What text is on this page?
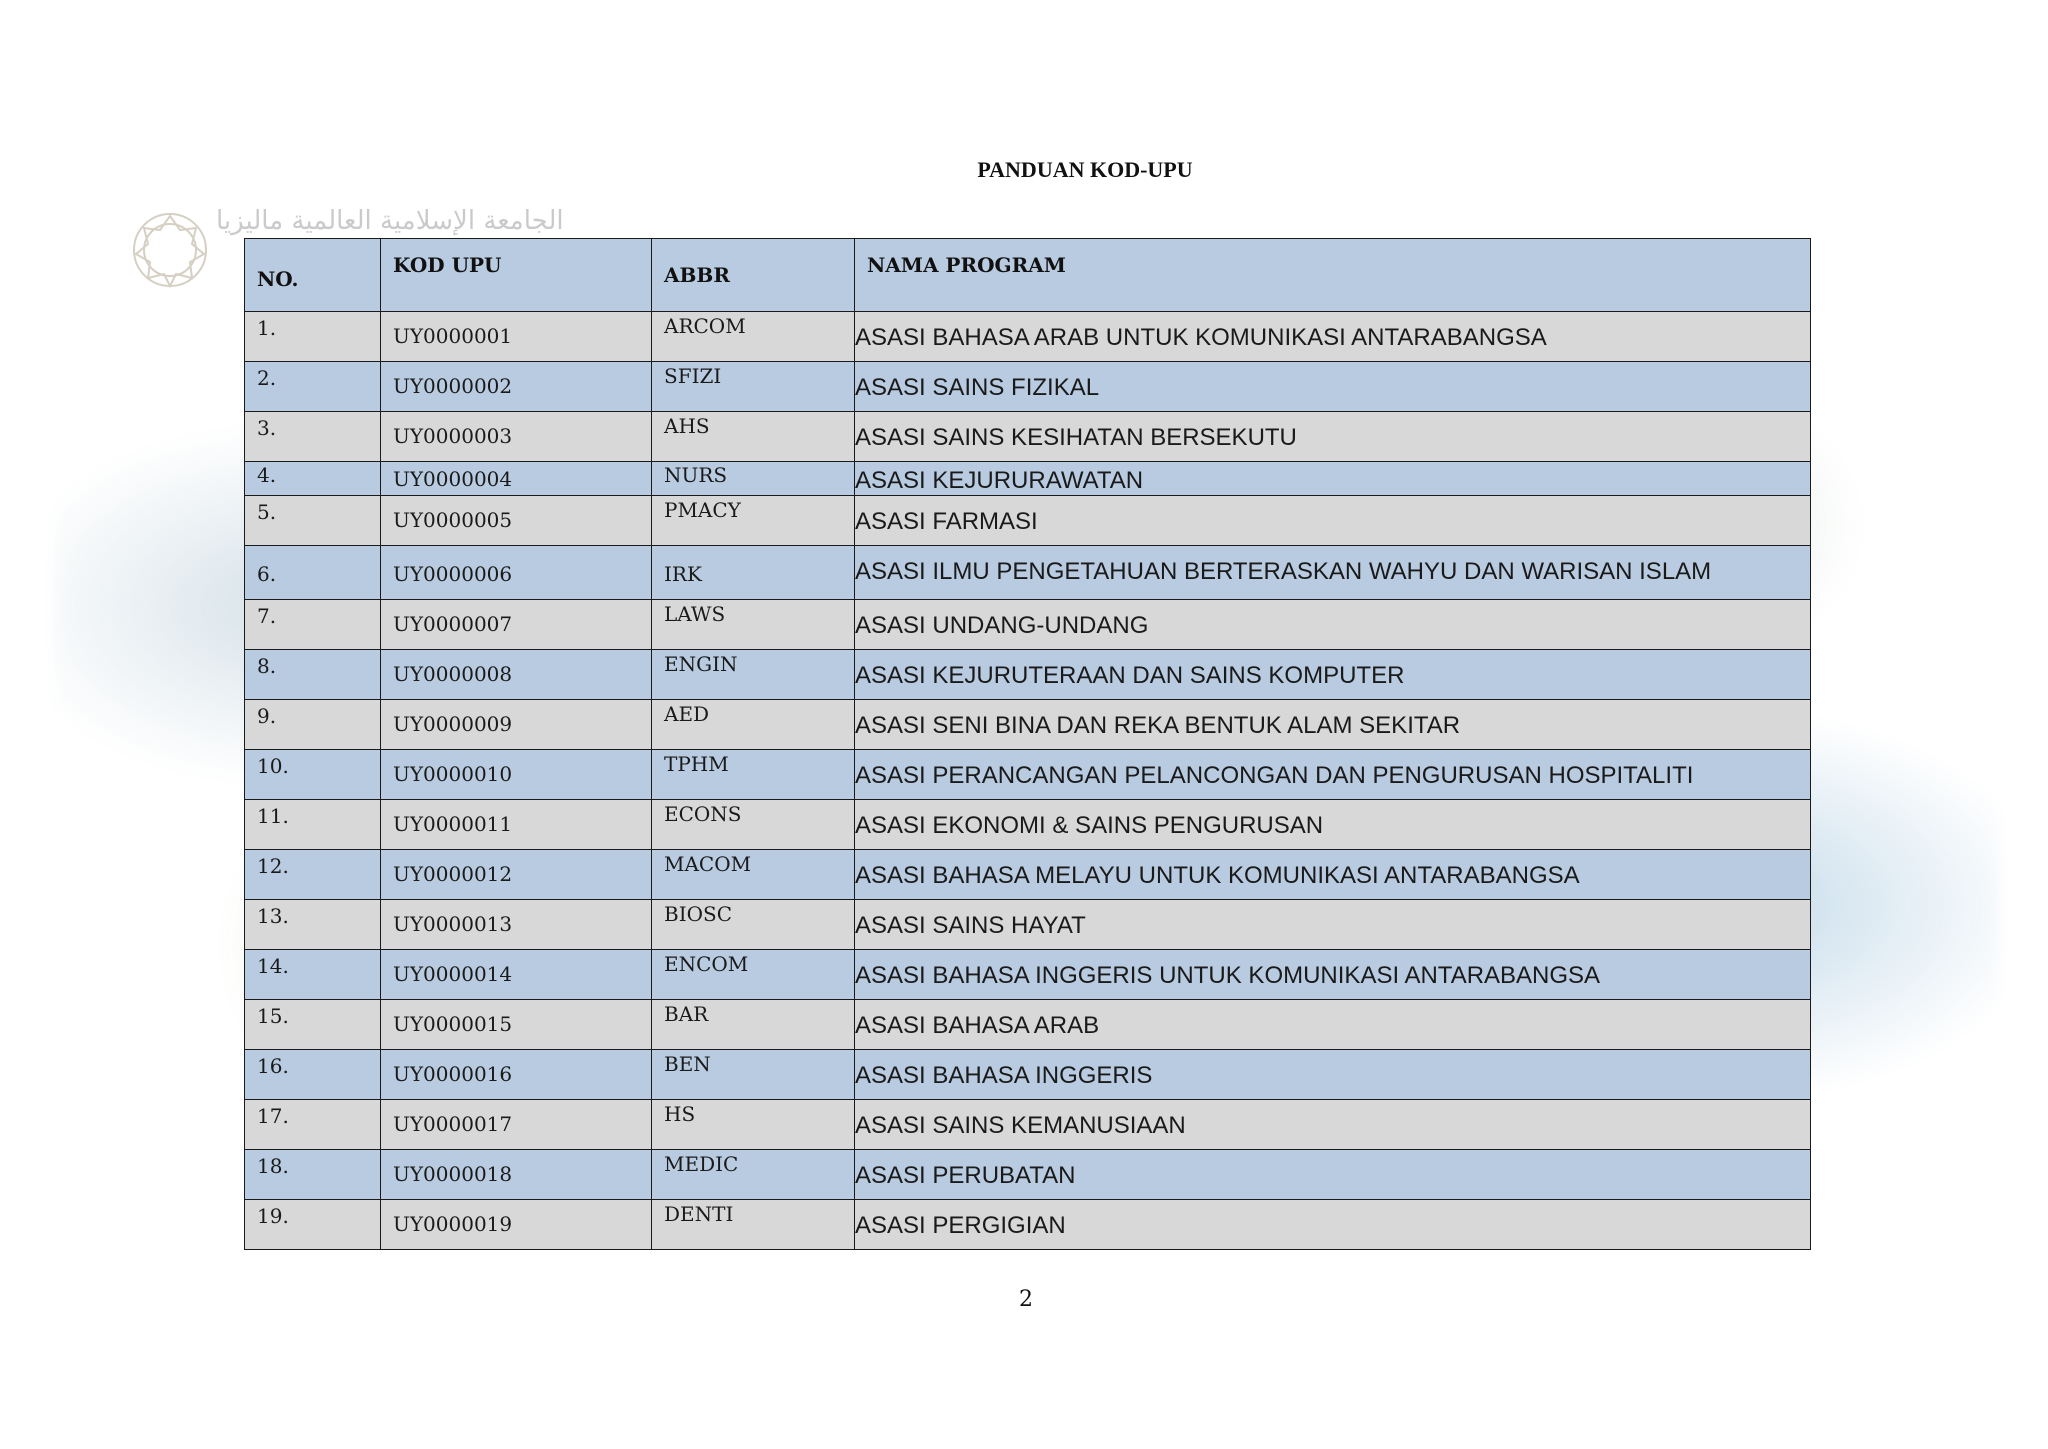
الجامعة الإسلامية العالمية ماليزيا
PANDUAN KOD-UPU
NO.	KOD UPU	ABBR	NAMA PROGRAM

1.	UY0000001	ARCOM	ASASI BAHASA ARAB UNTUK KOMUNIKASI ANTARABANGSA

2.	UY0000002	SFIZI	ASASI SAINS FIZIKAL

3.	UY0000003	AHS	ASASI SAINS KESIHATAN BERSEKUTU

4.	UY0000004	NURS	ASASI KEJURURAWATAN

5.	UY0000005	PMACY	ASASI FARMASI

6.	UY0000006	IRK	ASASI ILMU PENGETAHUAN BERTERASKAN WAHYU DAN WARISAN ISLAM

7.	UY0000007	LAWS	ASASI UNDANG-UNDANG

8.	UY0000008	ENGIN	ASASI KEJURUTERAAN DAN SAINS KOMPUTER

9.	UY0000009	AED	ASASI SENI BINA DAN REKA BENTUK ALAM SEKITAR

10.	UY0000010	TPHM	ASASI PERANCANGAN PELANCONGAN DAN PENGURUSAN HOSPITALITI

11.	UY0000011	ECONS	ASASI EKONOMI & SAINS PENGURUSAN

12.	UY0000012	MACOM	ASASI BAHASA MELAYU UNTUK KOMUNIKASI ANTARABANGSA

13.	UY0000013	BIOSC	ASASI SAINS HAYAT

14.	UY0000014	ENCOM	ASASI BAHASA INGGERIS UNTUK KOMUNIKASI ANTARABANGSA

15.	UY0000015	BAR	ASASI BAHASA ARAB

16.	UY0000016	BEN	ASASI BAHASA INGGERIS

17.	UY0000017	HS	ASASI SAINS KEMANUSIAAN

18.	UY0000018	MEDIC	ASASI PERUBATAN

19.	UY0000019	DENTI	ASASI PERGIGIAN
2
